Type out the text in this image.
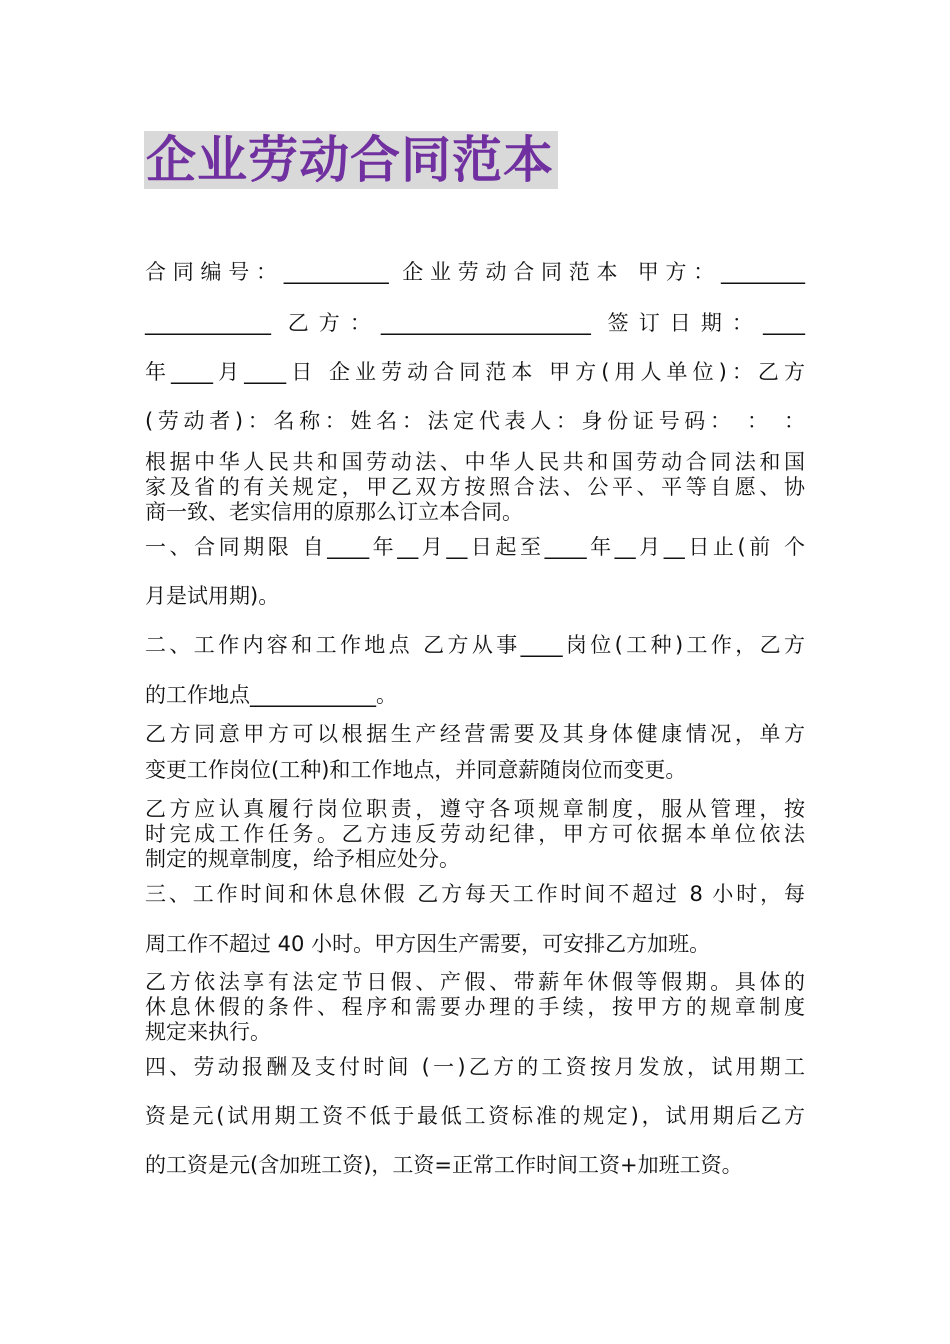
企业劳动合同范本

合同编号：__________ 企业劳动合同范本 甲方：________

____________ 乙方：____________________ 签订日期：____

年____月____日 企业劳动合同范本 甲方(用人单位)：乙方

(劳动者)：名称：姓名：法定代表人：身份证号码： ： ：

根据中华人民共和国劳动法、中华人民共和国劳动合同法和国

家及省的有关规定，甲乙双方按照合法、公平、平等自愿、协

商一致、老实信用的原那么订立本合同。

一、合同期限 自____年__月__日起至____年__月__日止(前 个

月是试用期)。

二、工作内容和工作地点 乙方从事____岗位(工种)工作，乙方

的工作地点____________。

乙方同意甲方可以根据生产经营需要及其身体健康情况，单方

变更工作岗位(工种)和工作地点，并同意薪随岗位而变更。

乙方应认真履行岗位职责，遵守各项规章制度，服从管理，按

时完成工作任务。乙方违反劳动纪律，甲方可依据本单位依法

制定的规章制度，给予相应处分。

三、工作时间和休息休假 乙方每天工作时间不超过 8 小时，每

周工作不超过 40 小时。甲方因生产需要，可安排乙方加班。

乙方依法享有法定节日假、产假、带薪年休假等假期。具体的

休息休假的条件、程序和需要办理的手续，按甲方的规章制度

规定来执行。

四、劳动报酬及支付时间 (一)乙方的工资按月发放，试用期工

资是元(试用期工资不低于最低工资标准的规定)，试用期后乙方

的工资是元(含加班工资)，工资=正常工作时间工资+加班工资。
